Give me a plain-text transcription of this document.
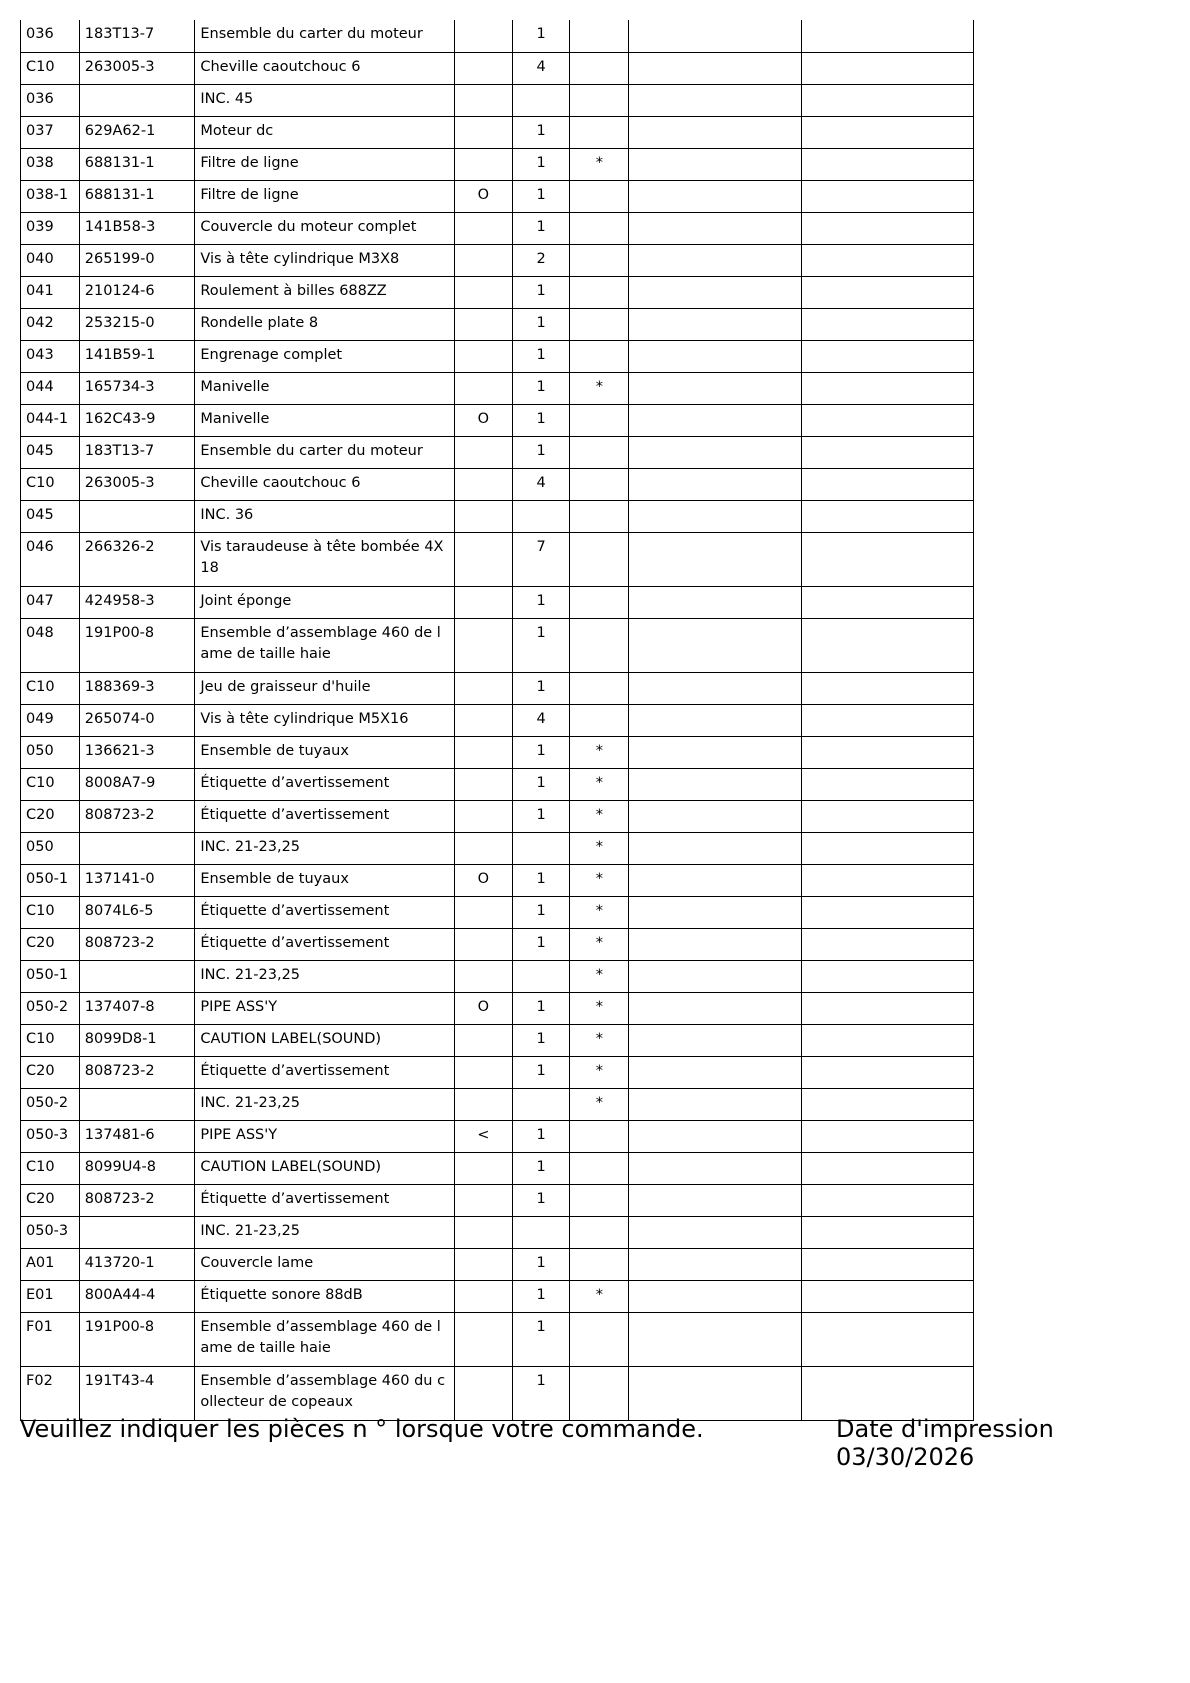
036	183T13-7	Ensemble du carter du moteur		1			
C10	263005-3	Cheville caoutchouc 6		4			
036		INC. 45					
037	629A62-1	Moteur dc		1			
038	688131-1	Filtre de ligne		1	*		
038-1	688131-1	Filtre de ligne	O	1			
039	141B58-3	Couvercle du moteur complet		1			
040	265199-0	Vis à tête cylindrique M3X8		2			
041	210124-6	Roulement à billes 688ZZ		1			
042	253215-0	Rondelle plate 8		1			
043	141B59-1	Engrenage complet		1			
044	165734-3	Manivelle		1	*		
044-1	162C43-9	Manivelle	O	1			
045	183T13-7	Ensemble du carter du moteur		1			
C10	263005-3	Cheville caoutchouc 6		4			
045		INC. 36					
046	266326-2	Vis taraudeuse à tête bombée 4X18		7			
047	424958-3	Joint éponge		1			
048	191P00-8	Ensemble d’assemblage 460 de lame de taille haie		1			
C10	188369-3	Jeu de graisseur d'huile		1			
049	265074-0	Vis à tête cylindrique M5X16		4			
050	136621-3	Ensemble de tuyaux		1	*		
C10	8008A7-9	Étiquette d’avertissement		1	*		
C20	808723-2	Étiquette d’avertissement		1	*		
050		INC. 21-23,25			*		
050-1	137141-0	Ensemble de tuyaux	O	1	*		
C10	8074L6-5	Étiquette d’avertissement		1	*		
C20	808723-2	Étiquette d’avertissement		1	*		
050-1		INC. 21-23,25			*		
050-2	137407-8	PIPE ASS'Y	O	1	*		
C10	8099D8-1	CAUTION LABEL(SOUND)		1	*		
C20	808723-2	Étiquette d’avertissement		1	*		
050-2		INC. 21-23,25			*		
050-3	137481-6	PIPE ASS'Y	<	1			
C10	8099U4-8	CAUTION LABEL(SOUND)		1			
C20	808723-2	Étiquette d’avertissement		1			
050-3		INC. 21-23,25					
A01	413720-1	Couvercle lame		1			
E01	800A44-4	Étiquette sonore 88dB		1	*		
F01	191P00-8	Ensemble d’assemblage 460 de lame de taille haie		1			
F02	191T43-4	Ensemble d’assemblage 460 du collecteur de copeaux		1			
Veuillez indiquer les pièces n ° lorsque votre commande.	Date d'impression 03/30/2026
